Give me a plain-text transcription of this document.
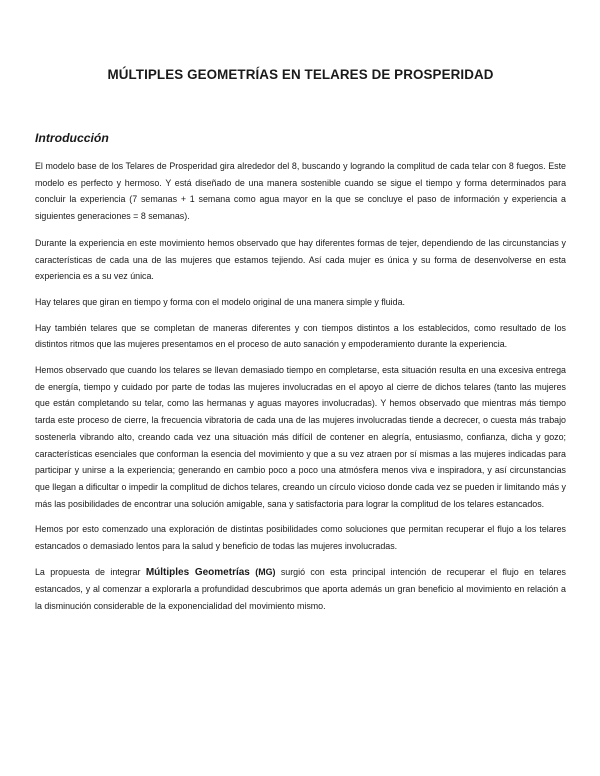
MÚLTIPLES GEOMETRÍAS EN TELARES DE PROSPERIDAD
Introducción

El modelo base de los Telares de Prosperidad gira alrededor del 8, buscando y logrando la complitud de cada telar con 8 fuegos. Este modelo es perfecto y hermoso. Y está diseñado de una manera sostenible cuando se sigue el tiempo y forma determinados para concluir la experiencia (7 semanas + 1 semana como agua mayor en la que se concluye el paso de información y experiencia a siguientes generaciones = 8 semanas).

Durante la experiencia en este movimiento hemos observado que hay diferentes formas de tejer, dependiendo de las circunstancias y características de cada una de las mujeres que estamos tejiendo. Así cada mujer es única y su forma de desenvolverse en esta experiencia es a su vez única.

Hay telares que giran en tiempo y forma con el modelo original de una manera simple y fluida.

Hay también telares que se completan de maneras diferentes y con tiempos distintos a los establecidos, como resultado de los distintos ritmos que las mujeres presentamos en el proceso de auto sanación y empoderamiento durante la experiencia.

Hemos observado que cuando los telares se llevan demasiado tiempo en completarse, esta situación resulta en una excesiva entrega de energía, tiempo y cuidado por parte de todas las mujeres involucradas en el apoyo al cierre de dichos telares (tanto las mujeres que están completando su telar, como las hermanas y aguas mayores involucradas). Y hemos observado que mientras más tiempo tarda este proceso de cierre, la frecuencia vibratoria de cada una de las mujeres involucradas tiende a decrecer, o cuesta más trabajo sostenerla vibrando alto, creando cada vez una situación más difícil de contener en alegría, entusiasmo, confianza, dicha y gozo; características esenciales que conforman la esencia del movimiento y que a su vez atraen por sí mismas a las mujeres indicadas para participar y unirse a la experiencia; generando en cambio poco a poco una atmósfera menos viva e inspiradora, y así circunstancias que llegan a dificultar o impedir la complitud de dichos telares, creando un círculo vicioso donde cada vez se pueden ir limitando más y más las posibilidades de encontrar una solución amigable, sana y satisfactoria para lograr la complitud de los telares estancados.

Hemos por esto comenzado una exploración de distintas posibilidades como soluciones que permitan recuperar el flujo a los telares estancados o demasiado lentos para la salud y beneficio de todas las mujeres involucradas.

La propuesta de integrar Múltiples Geometrías (MG) surgió con esta principal intención de recuperar el flujo en telares estancados, y al comenzar a explorarla a profundidad descubrimos que aporta además un gran beneficio al movimiento en relación a la disminución considerable de la exponencialidad del movimiento mismo.
